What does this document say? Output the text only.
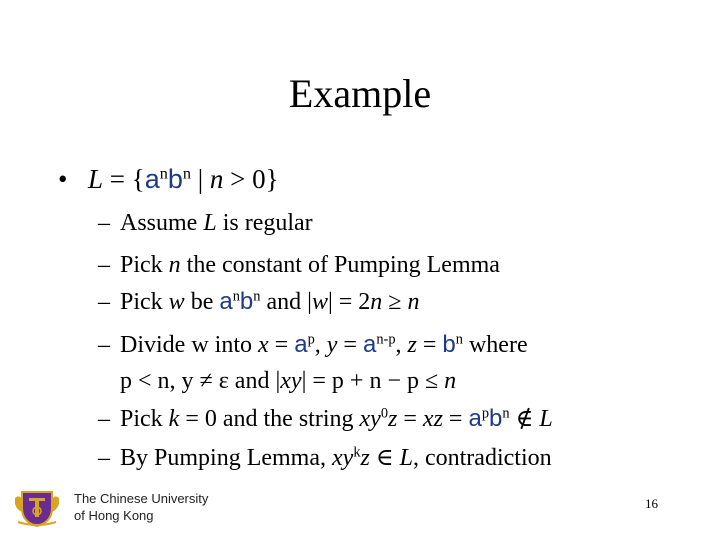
Example
• $L = \{a^nb^n$ | n > 0}
– Assume L is regular
– Pick n the constant of Pumping Lemma
– Pick w be $a^nb^n$ and |w| = 2n ≥ n
– Divide w into $x = a^p$, $y = a^{n-p}$, $z = b^n$ where
p < n, y ≠ ε and |xy| = p + n − p ≤ n
– Pick k = 0 and the string $xy^0z$ = xz = $a^pb^n$ ∉ L
– By Pumping Lemma, $xy^kz$ ∈ L, contradiction
The Chinese University
of Hong Kong
16
